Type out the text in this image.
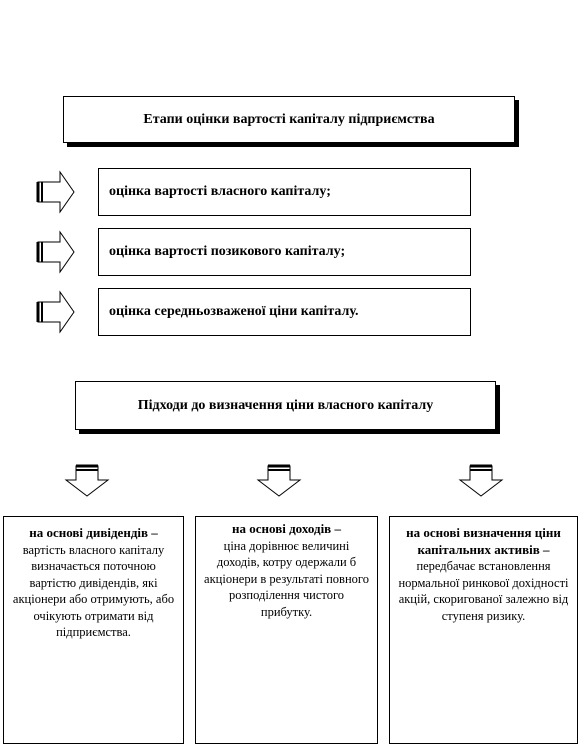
Етапи оцінки вартості капіталу підприємства
оцінка вартості власного капіталу;
оцінка вартості позикового капіталу;
оцінка середньозваженої ціни капіталу.
Підходи до визначення ціни власного капіталу
на основі дивідендів –
вартість власного капіталу визначається поточною вартістю дивідендів, які акціонери або отримують, або очікують отримати від підприємства.
на основі доходів –
ціна дорівнює величині доходів, котру одержали б акціонери в результаті повного розподілення чистого прибутку.
на основі визначення ціни капітальних активів –
передбачає встановлення нормальної ринкової дохідності акцій, скоригованої залежно від ступеня ризику.
